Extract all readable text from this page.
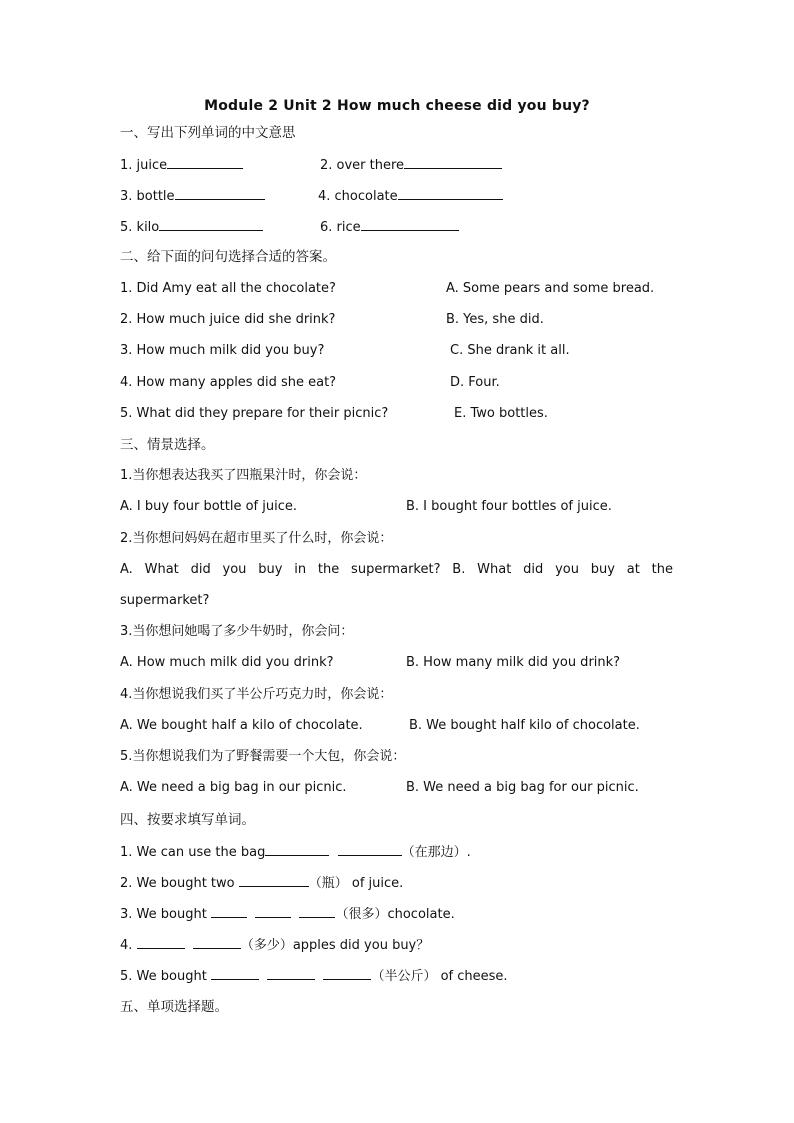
Module 2 Unit 2 How much cheese did you buy?
一、写出下列单词的中文意思
1. juice	2. over there
3. bottle	4. chocolate
5. kilo	6. rice
二、给下面的问句选择合适的答案。
1. Did Amy eat all the chocolate?	A. Some pears and some bread.
2. How much juice did she drink?	B. Yes, she did.
3. How much milk did you buy?	C. She drank it all.
4. How many apples did she eat?	D. Four.
5. What did they prepare for their picnic?	E. Two bottles.
三、情景选择。
1.当你想表达我买了四瓶果汁时，你会说：
A. I buy four bottle of juice.	B. I bought four bottles of juice.
2.当你想问妈妈在超市里买了什么时，你会说：
A. What did you buy in the supermarket? B. What did you buy at the
supermarket?
3.当你想问她喝了多少牛奶时，你会问：
A. How much milk did you drink?	B. How many milk did you drink?
4.当你想说我们买了半公斤巧克力时，你会说：
A. We bought half a kilo of chocolate.	B. We bought half kilo of chocolate.
5.当你想说我们为了野餐需要一个大包，你会说：
A. We need a big bag in our picnic.	B. We need a big bag for our picnic.
四、按要求填写单词。
1. We can use the bag	（在那边）.
2. We bought two	（瓶） of juice.
3. We bought	（很多）chocolate.
4.	（多少）apples did you buy？
5. We bought	（半公斤） of cheese.
五、单项选择题。
